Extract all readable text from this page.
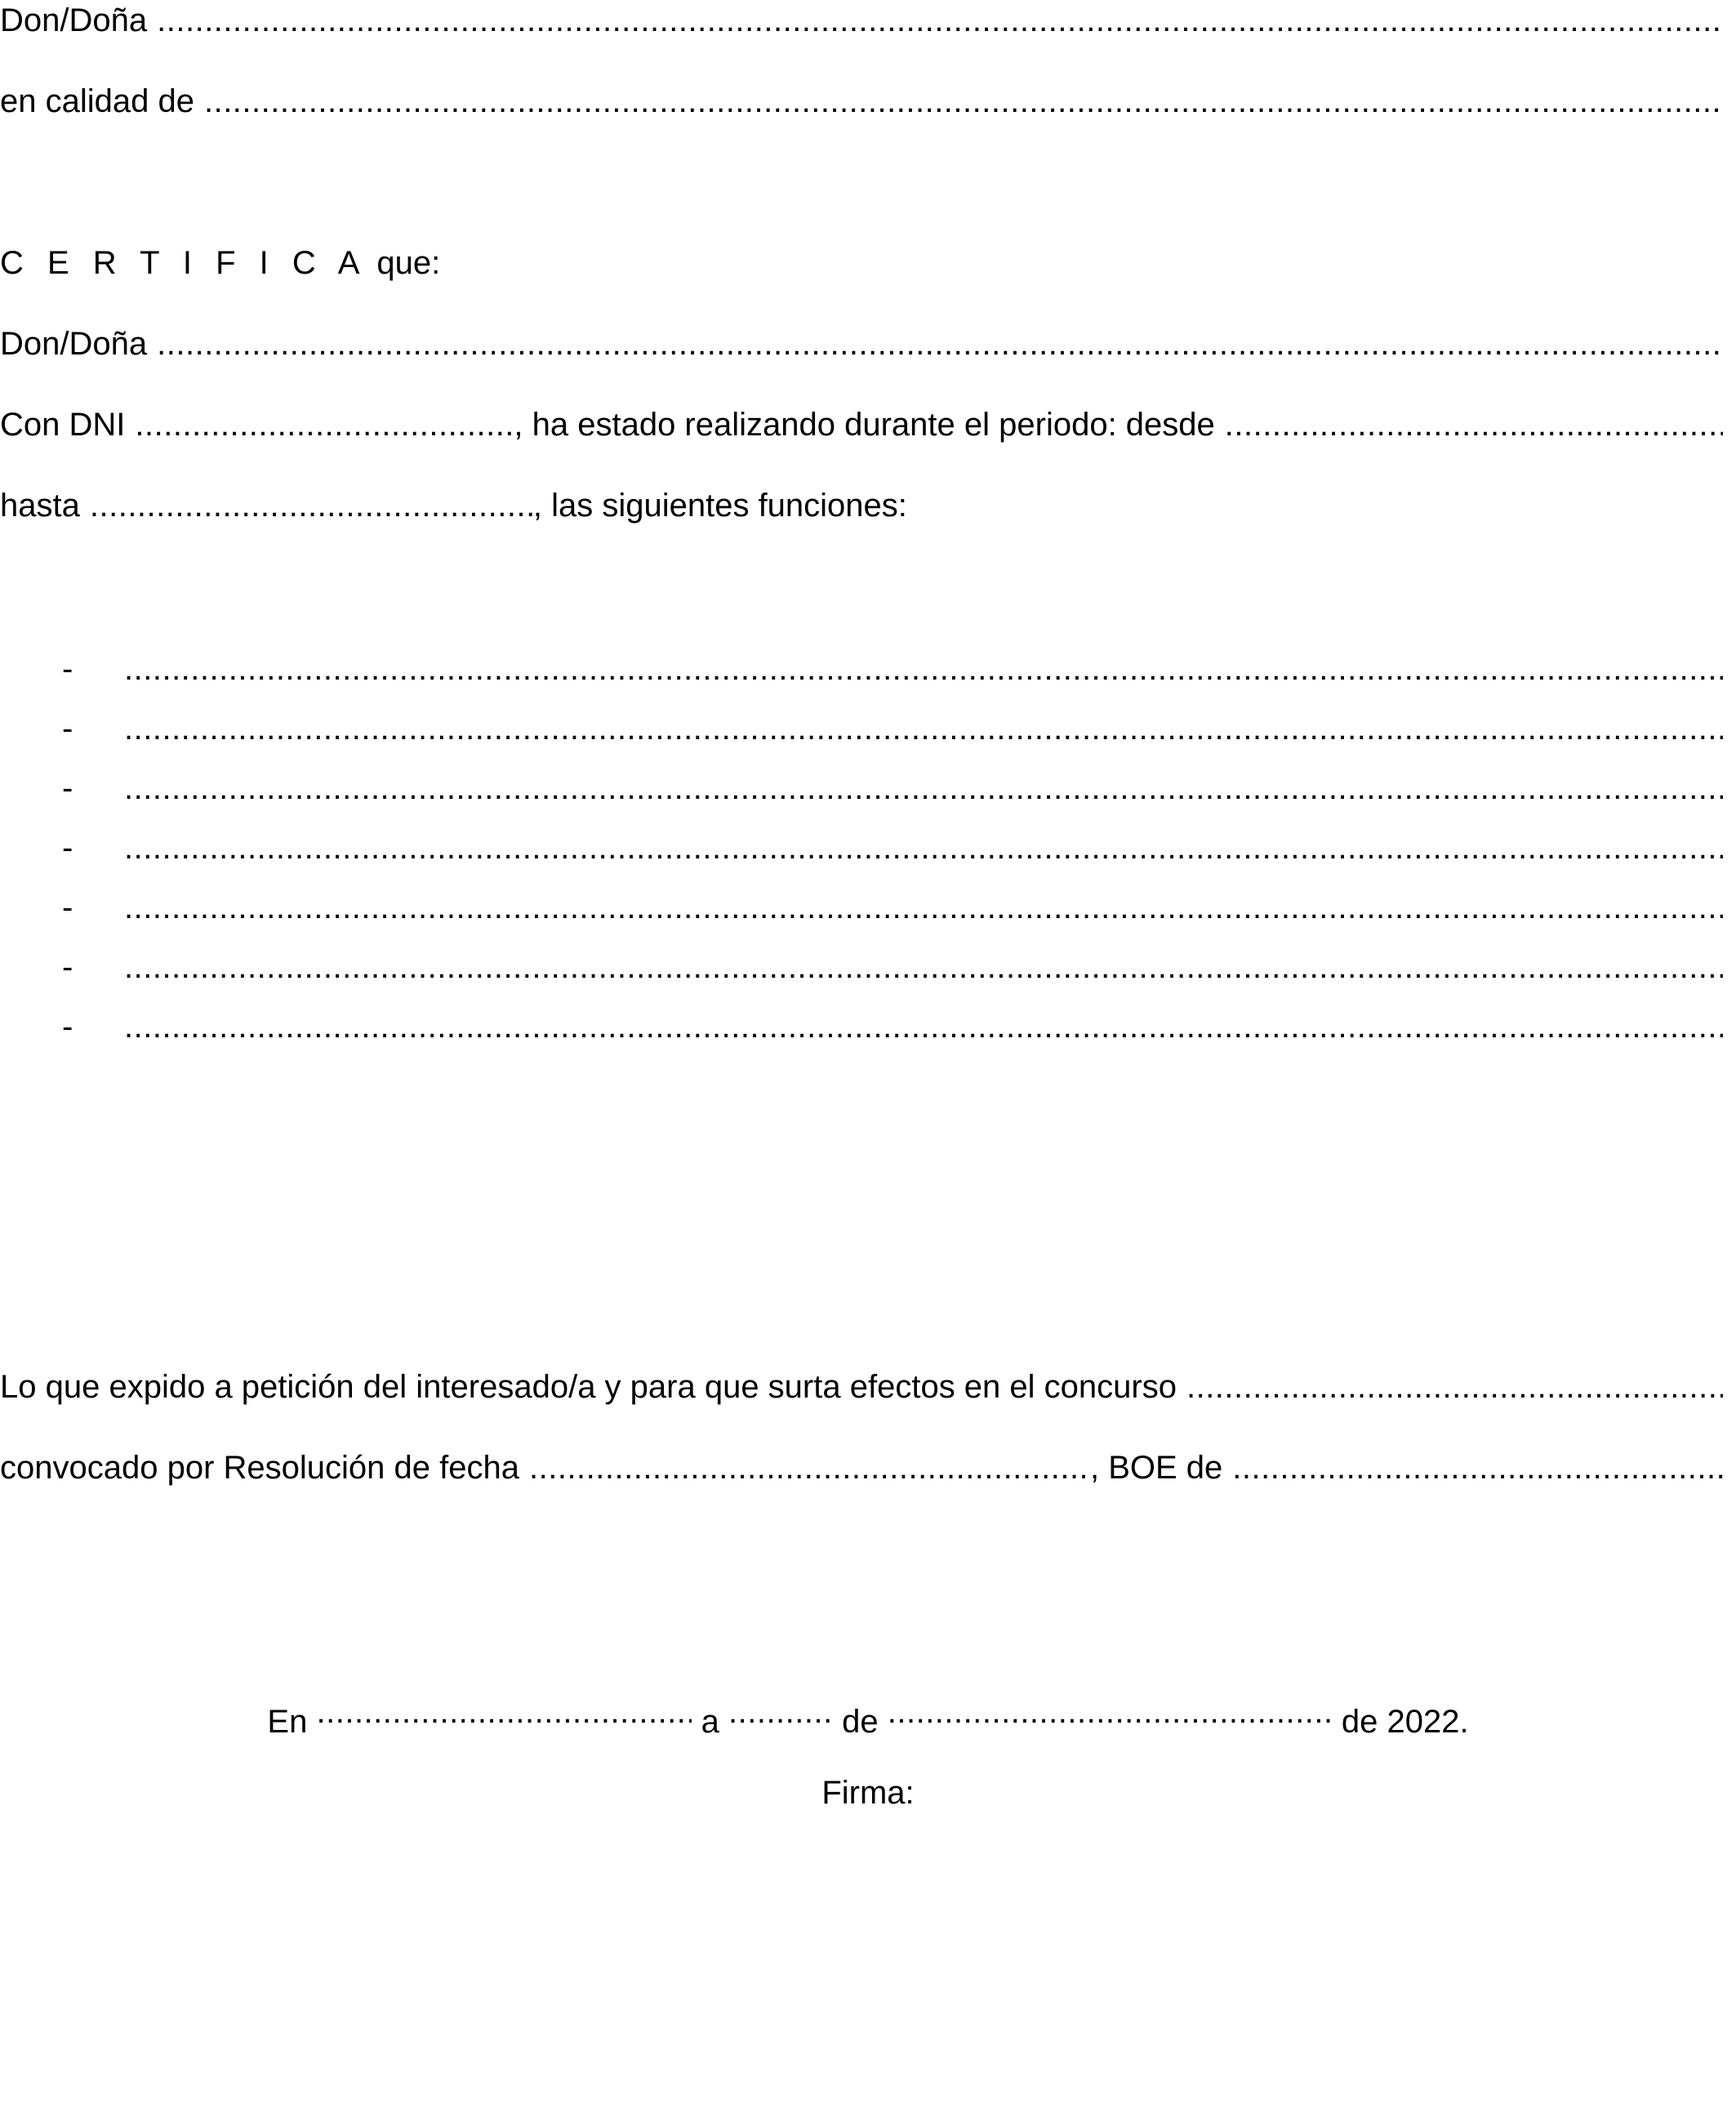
Don/Doña
.....
en calidad de
.....
C E R T I F I C A que:
Don/Doña
.....
Con DNI .....	, ha estado realizando durante el periodo: desde
.....
hasta .....	, las siguientes funciones:
-
.....
-
.....
-
.....
-
.....
-
.....
-
.....
-
.....
Lo que expido a petición del interesado/a y para que surta efectos en el concurso
.....
convocado por Resolución de fecha .....	, BOE de
.....
En .....	a .....	de .....	de 2022.
Firma:
